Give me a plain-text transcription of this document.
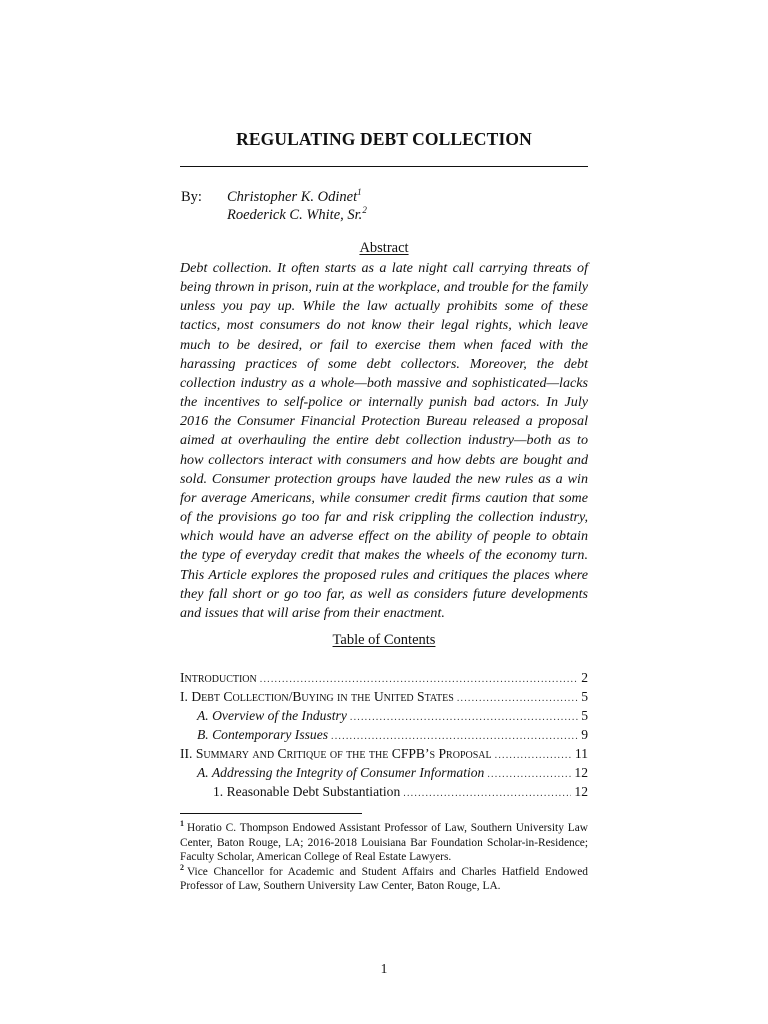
REGULATING DEBT COLLECTION
By: Christopher K. Odinet$^1$
Roederick C. White, Sr.$^2$
Abstract

Debt collection. It often starts as a late night call carrying threats of being thrown in prison, ruin at the workplace, and trouble for the family unless you pay up. While the law actually prohibits some of these tactics, most consumers do not know their legal rights, which leave much to be desired, or fail to exercise them when faced with the harassing practices of some debt collectors. Moreover, the debt collection industry as a whole—both massive and sophisticated—lacks the incentives to self-police or internally punish bad actors. In July 2016 the Consumer Financial Protection Bureau released a proposal aimed at overhauling the entire debt collection industry—both as to how collectors interact with consumers and how debts are bought and sold. Consumer protection groups have lauded the new rules as a win for average Americans, while consumer credit firms caution that some of the provisions go too far and risk crippling the collection industry, which would have an adverse effect on the ability of people to obtain the type of everyday credit that makes the wheels of the economy turn. This Article explores the proposed rules and critiques the places where they fall short or go too far, as well as considers future developments and issues that will arise from their enactment.

Table of Contents
Introduction .....	2
I. Debt Collection/Buying in the United States .....	5
A. Overview of the Industry .....	5
B. Contemporary Issues .....	9
II. Summary and Critique of the the CFPB’s Proposal .....	11
A. Addressing the Integrity of Consumer Information .....	12
1. Reasonable Debt Substantiation .....	12

$^1$ Horatio C. Thompson Endowed Assistant Professor of Law, Southern University Law Center, Baton Rouge, LA; 2016-2018 Louisiana Bar Foundation Scholar-in-Residence; Faculty Scholar, American College of Real Estate Lawyers.

$^2$ Vice Chancellor for Academic and Student Affairs and Charles Hatfield Endowed Professor of Law, Southern University Law Center, Baton Rouge, LA.

1
